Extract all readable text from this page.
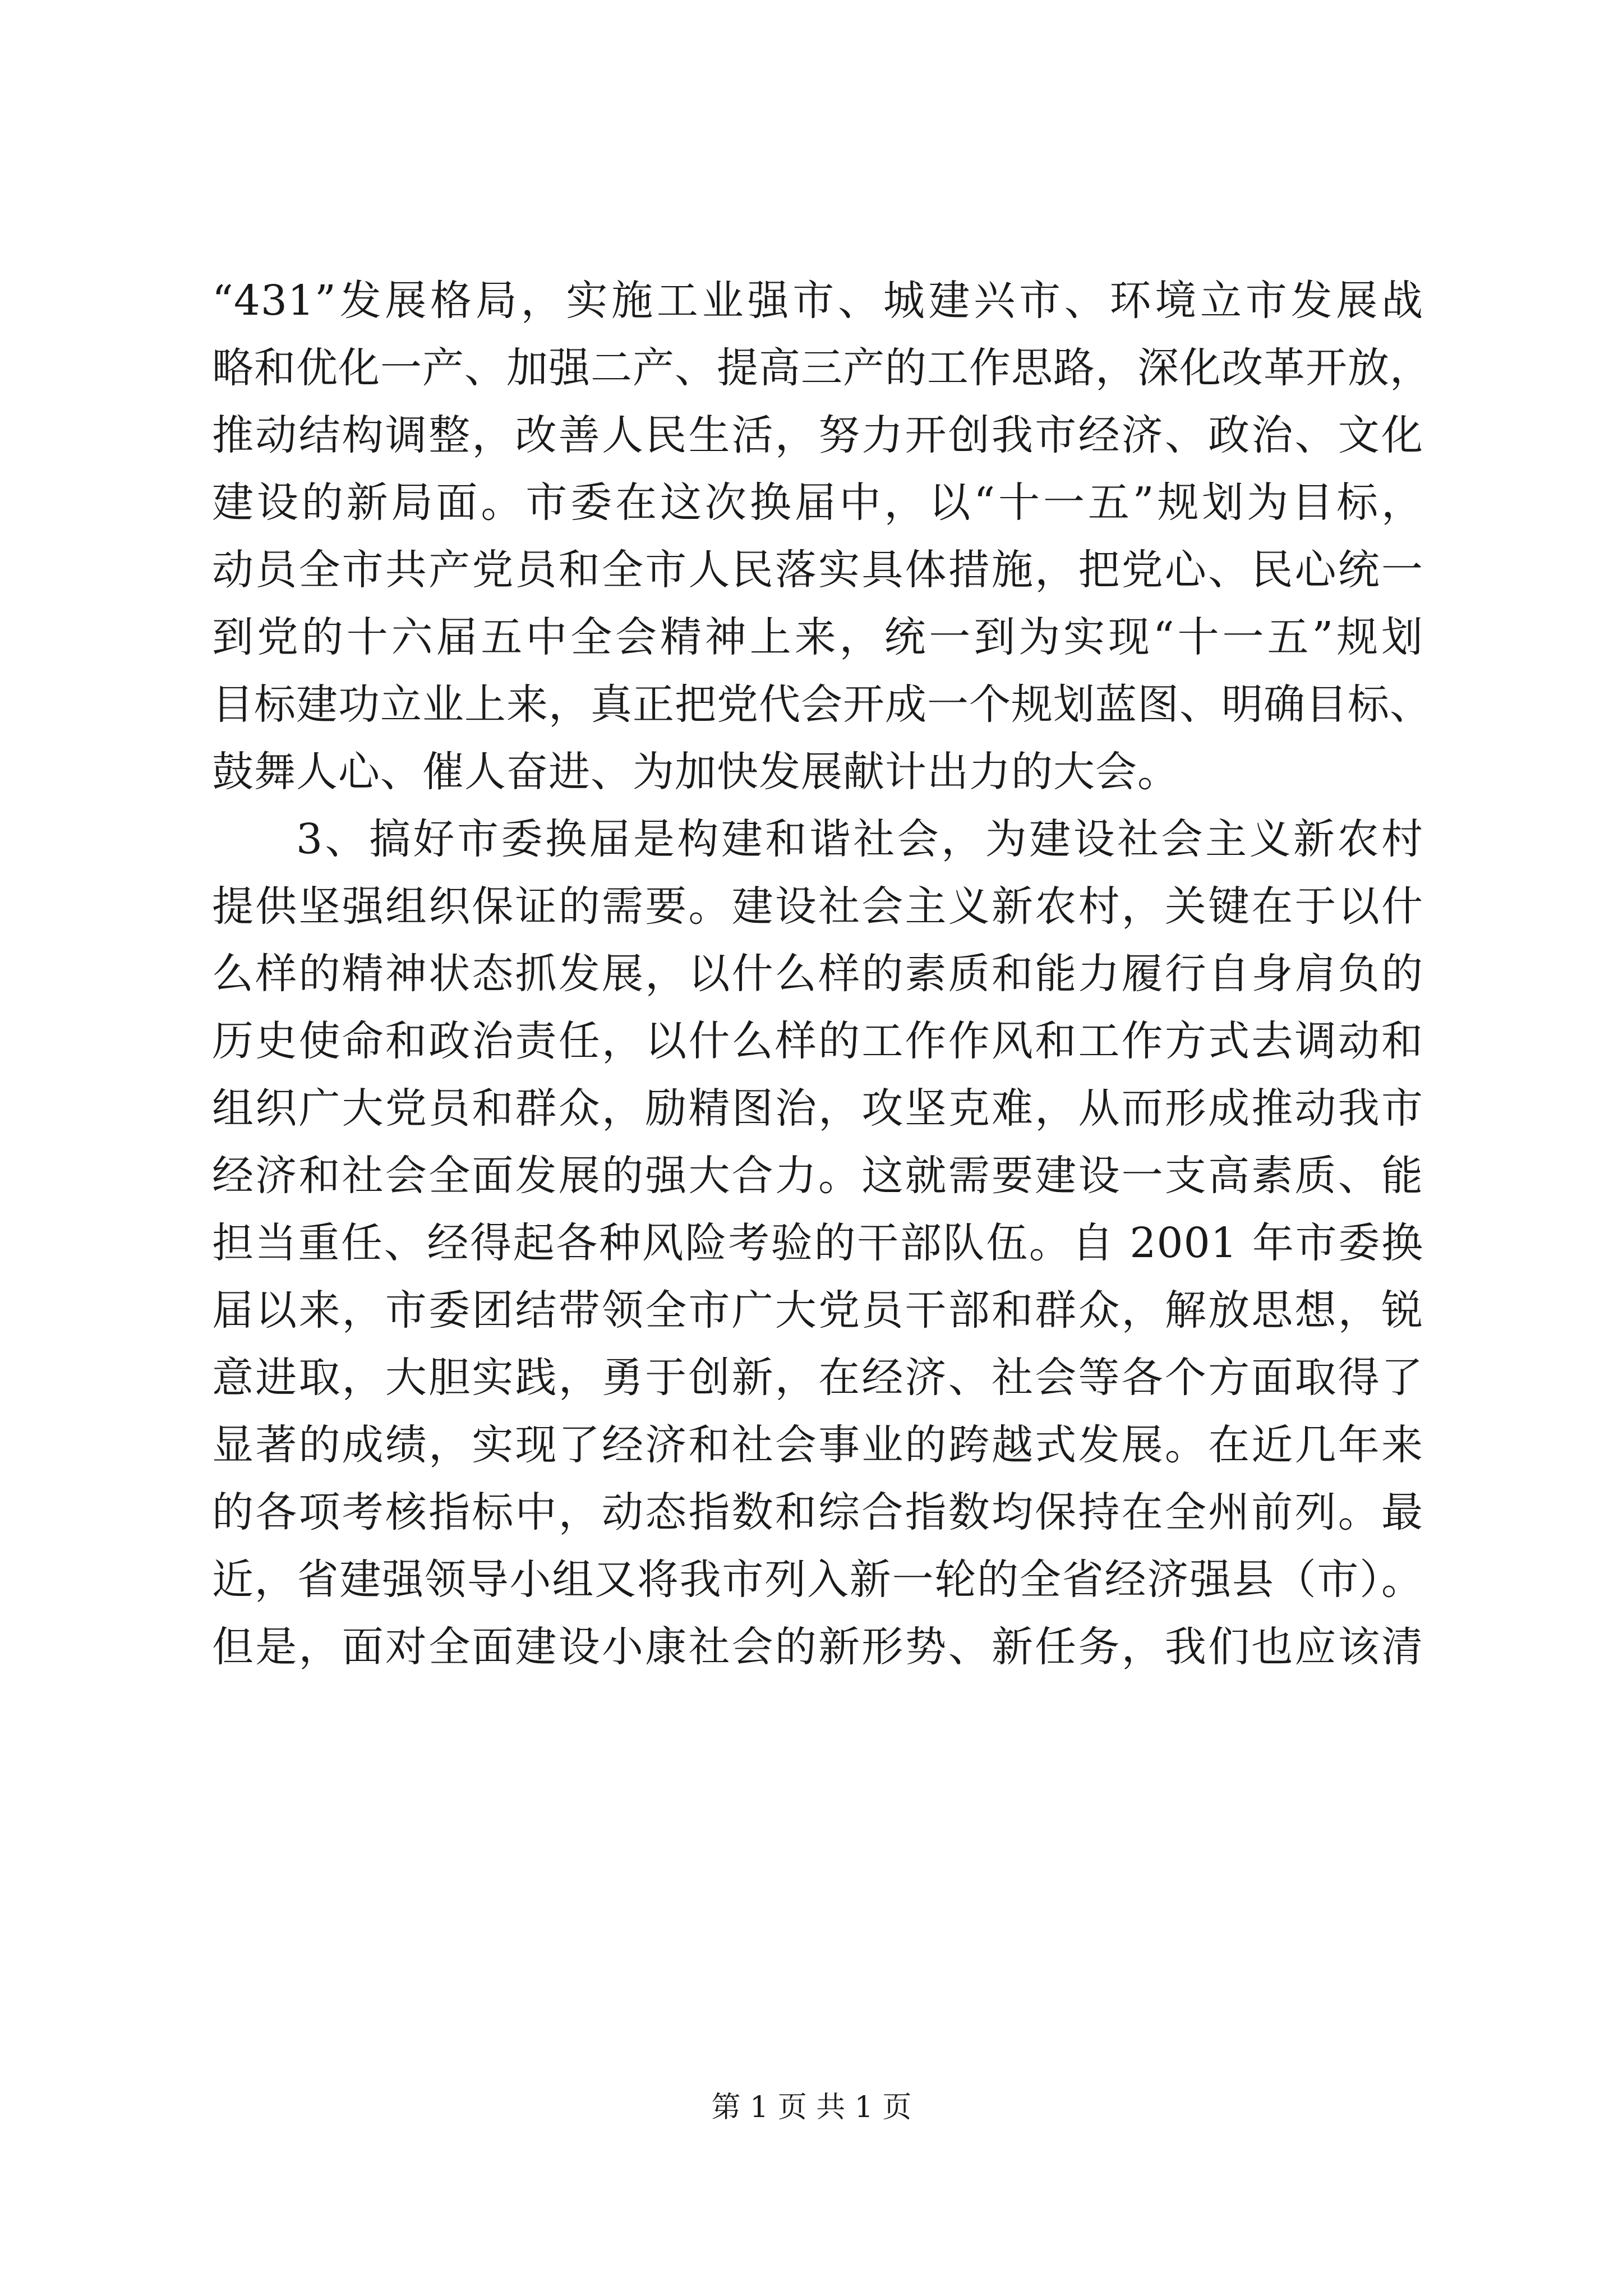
“431”发展格局，实施工业强市、城建兴市、环境立市发展战
略和优化一产、加强二产、提高三产的工作思路，深化改革开放，
推动结构调整，改善人民生活，努力开创我市经济、政治、文化
建设的新局面。市委在这次换届中，以“十一五”规划为目标，
动员全市共产党员和全市人民落实具体措施，把党心、民心统一
到党的十六届五中全会精神上来，统一到为实现“十一五”规划
目标建功立业上来，真正把党代会开成一个规划蓝图、明确目标、
鼓舞人心、催人奋进、为加快发展献计出力的大会。
3、搞好市委换届是构建和谐社会，为建设社会主义新农村
提供坚强组织保证的需要。建设社会主义新农村，关键在于以什
么样的精神状态抓发展，以什么样的素质和能力履行自身肩负的
历史使命和政治责任，以什么样的工作作风和工作方式去调动和
组织广大党员和群众，励精图治，攻坚克难，从而形成推动我市
经济和社会全面发展的强大合力。这就需要建设一支高素质、能
担当重任、经得起各种风险考验的干部队伍。自 2001 年市委换
届以来，市委团结带领全市广大党员干部和群众，解放思想，锐
意进取，大胆实践，勇于创新，在经济、社会等各个方面取得了
显著的成绩，实现了经济和社会事业的跨越式发展。在近几年来
的各项考核指标中，动态指数和综合指数均保持在全州前列。最
近，省建强领导小组又将我市列入新一轮的全省经济强县（市）。
但是，面对全面建设小康社会的新形势、新任务，我们也应该清
第 1 页 共 1 页
